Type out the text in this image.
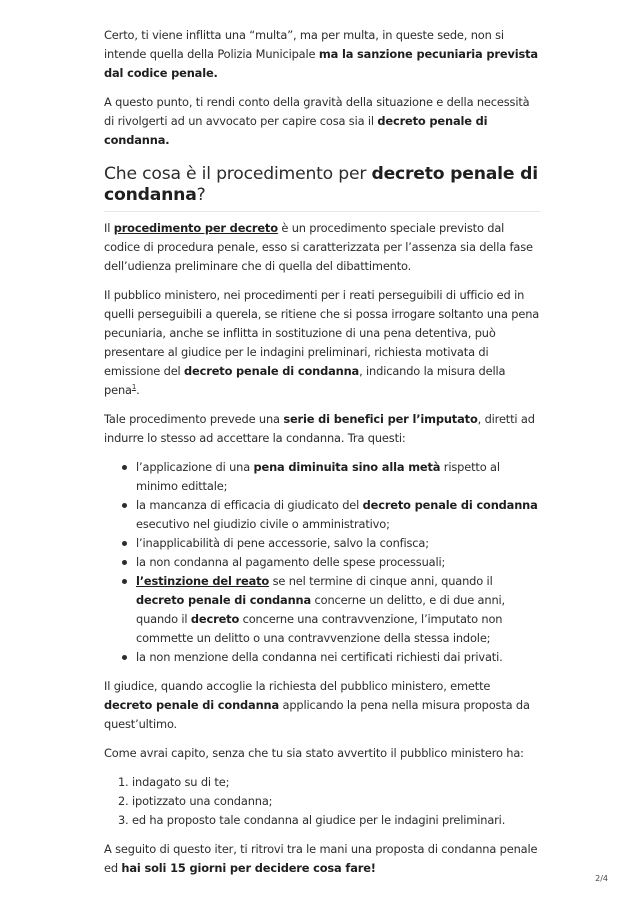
Certo, ti viene inflitta una “multa”, ma per multa, in queste sede, non si intende quella della Polizia Municipale ma la sanzione pecuniaria prevista dal codice penale.

A questo punto, ti rendi conto della gravità della situazione e della necessità di rivolgerti ad un avvocato per capire cosa sia il decreto penale di condanna.

Che cosa è il procedimento per decreto penale di condanna?

Il procedimento per decreto è un procedimento speciale previsto dal codice di procedura penale, esso si caratterizzata per l’assenza sia della fase dell’udienza preliminare che di quella del dibattimento.

Il pubblico ministero, nei procedimenti per i reati perseguibili di ufficio ed in quelli perseguibili a querela, se ritiene che si possa irrogare soltanto una pena pecuniaria, anche se inflitta in sostituzione di una pena detentiva, può presentare al giudice per le indagini preliminari, richiesta motivata di emissione del decreto penale di condanna, indicando la misura della pena$^1$.

Tale procedimento prevede una serie di benefici per l’imputato, diretti ad indurre lo stesso ad accettare la condanna. Tra questi:

l’applicazione di una pena diminuita sino alla metà rispetto al minimo edittale;
la mancanza di efficacia di giudicato del decreto penale di condanna esecutivo nel giudizio civile o amministrativo;
l’inapplicabilità di pene accessorie, salvo la confisca;
la non condanna al pagamento delle spese processuali;
l’estinzione del reato se nel termine di cinque anni, quando il decreto penale di condanna concerne un delitto, e di due anni, quando il decreto concerne una contravvenzione, l’imputato non commette un delitto o una contravvenzione della stessa indole;
la non menzione della condanna nei certificati richiesti dai privati.

Il giudice, quando accoglie la richiesta del pubblico ministero, emette decreto penale di condanna applicando la pena nella misura proposta da quest’ultimo.

Come avrai capito, senza che tu sia stato avvertito il pubblico ministero ha:

1. indagato su di te;
2. ipotizzato una condanna;
3. ed ha proposto tale condanna al giudice per le indagini preliminari.

A seguito di questo iter, ti ritrovi tra le mani una proposta di condanna penale ed hai soli 15 giorni per decidere cosa fare!

2/4
